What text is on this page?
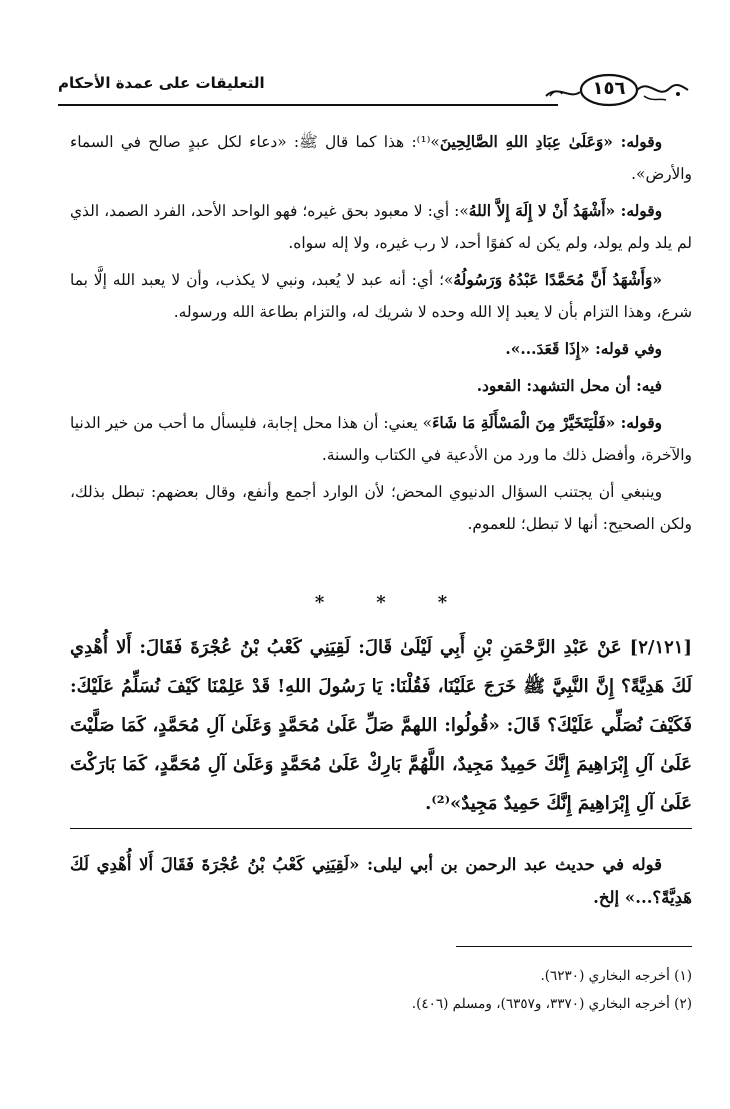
التعليقات على عمدة الأحكام	١٥٦

وقوله: «وَعَلَىٰ عِبَادِ اللهِ الصَّالِحِينَ»⁽¹⁾: هذا كما قال ﷺ: «دعاء لكل عبدٍ صالح في السماء والأرض».

وقوله: «أَشْهَدُ أَنْ لا إِلَهَ إِلاَّ اللهُ»: أي: لا معبود بحق غيره؛ فهو الواحد الأحد، الفرد الصمد، الذي لم يلد ولم يولد، ولم يكن له كفوًا أحد، لا رب غيره، ولا إله سواه.

«وَأَشْهَدُ أَنَّ مُحَمَّدًا عَبْدُهُ وَرَسُولُهُ»؛ أي: أنه عبد لا يُعبد، ونبي لا يكذب، وأن لا يعبد الله إلَّا بما شرع، وهذا التزام بأن لا يعبد إلا الله وحده لا شريك له، والتزام بطاعة الله ورسوله.

وفي قوله: «إِذَا قَعَدَ...».

فيه: أن محل التشهد: القعود.

وقوله: «فَلْيَتَخَيَّرْ مِنَ الْمَسْأَلَةِ مَا شَاءَ» يعني: أن هذا محل إجابة، فليسأل ما أحب من خير الدنيا والآخرة، وأفضل ذلك ما ورد من الأدعية في الكتاب والسنة.

وينبغي أن يجتنب السؤال الدنيوي المحض؛ لأن الوارد أجمع وأنفع، وقال بعضهم: تبطل بذلك، ولكن الصحيح: أنها لا تبطل؛ للعموم.

*	*	*
[٢/١٢١] عَنْ عَبْدِ الرَّحْمَنِ بْنِ أَبِي لَيْلَىٰ قَالَ: لَقِيَنِي كَعْبُ بْنُ عُجْرَةَ فَقَالَ: أَلا أُهْدِي لَكَ هَدِيَّةً؟ إِنَّ النَّبِيَّ ﷺ خَرَجَ عَلَيْنَا، فَقُلْنَا: يَا رَسُولَ اللهِ! قَدْ عَلِمْنَا كَيْفَ نُسَلِّمُ عَلَيْكَ: فَكَيْفَ نُصَلِّي عَلَيْكَ؟ قَالَ: «قُولُوا: اللهمَّ صَلِّ عَلَىٰ مُحَمَّدٍ وَعَلَىٰ آلِ مُحَمَّدٍ، كَمَا صَلَّيْتَ عَلَىٰ آلِ إِبْرَاهِيمَ إِنَّكَ حَمِيدٌ مَجِيدٌ، اللَّهُمَّ بَارِكْ عَلَىٰ مُحَمَّدٍ وَعَلَىٰ آلِ مُحَمَّدٍ، كَمَا بَارَكْتَ عَلَىٰ آلِ إِبْرَاهِيمَ إِنَّكَ حَمِيدٌ مَجِيدٌ»⁽²⁾.
قوله في حديث عبد الرحمن بن أبي ليلى: «لَقِيَنِي كَعْبُ بْنُ عُجْرَةَ فَقَالَ أَلا أُهْدِي لَكَ هَدِيَّةً؟...» إلخ.
(١) أخرجه البخاري (٦٢٣٠).
(٢) أخرجه البخاري (٣٣٧٠، و٦٣٥٧)، ومسلم (٤٠٦).
